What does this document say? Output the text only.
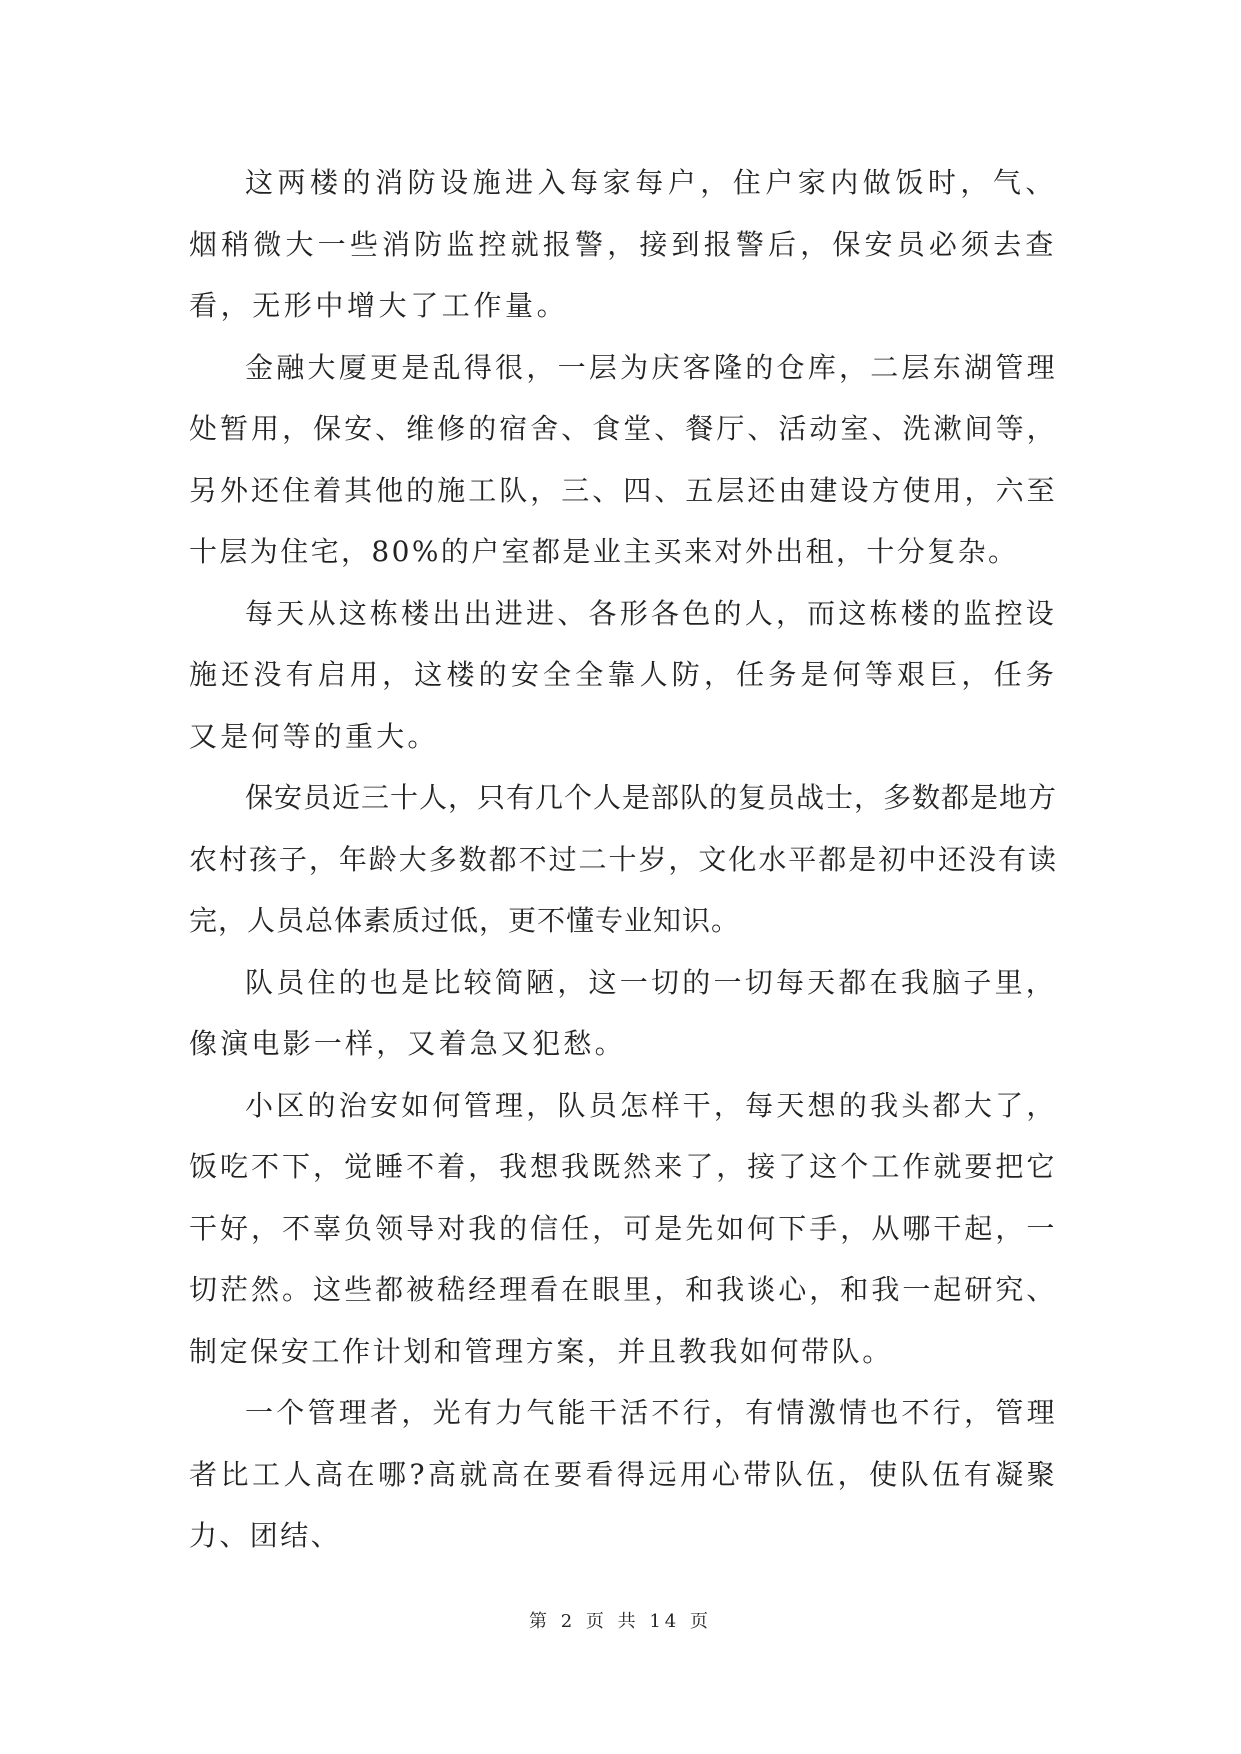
这两楼的消防设施进入每家每户，住户家内做饭时，气、烟稍微大一些消防监控就报警，接到报警后，保安员必须去查看，无形中增大了工作量。

金融大厦更是乱得很，一层为庆客隆的仓库，二层东湖管理处暂用，保安、维修的宿舍、食堂、餐厅、活动室、洗漱间等，另外还住着其他的施工队，三、四、五层还由建设方使用，六至十层为住宅，80%的户室都是业主买来对外出租，十分复杂。

每天从这栋楼出出进进、各形各色的人，而这栋楼的监控设施还没有启用，这楼的安全全靠人防，任务是何等艰巨，任务又是何等的重大。

保安员近三十人，只有几个人是部队的复员战士，多数都是地方农村孩子，年龄大多数都不过二十岁，文化水平都是初中还没有读完，人员总体素质过低，更不懂专业知识。

队员住的也是比较简陋，这一切的一切每天都在我脑子里，像演电影一样，又着急又犯愁。

小区的治安如何管理，队员怎样干，每天想的我头都大了，饭吃不下，觉睡不着，我想我既然来了，接了这个工作就要把它干好，不辜负领导对我的信任，可是先如何下手，从哪干起，一切茫然。这些都被嵇经理看在眼里，和我谈心，和我一起研究、制定保安工作计划和管理方案，并且教我如何带队。

一个管理者，光有力气能干活不行，有情激情也不行，管理者比工人高在哪?高就高在要看得远用心带队伍，使队伍有凝聚力、团结、

第 2 页 共 14 页
